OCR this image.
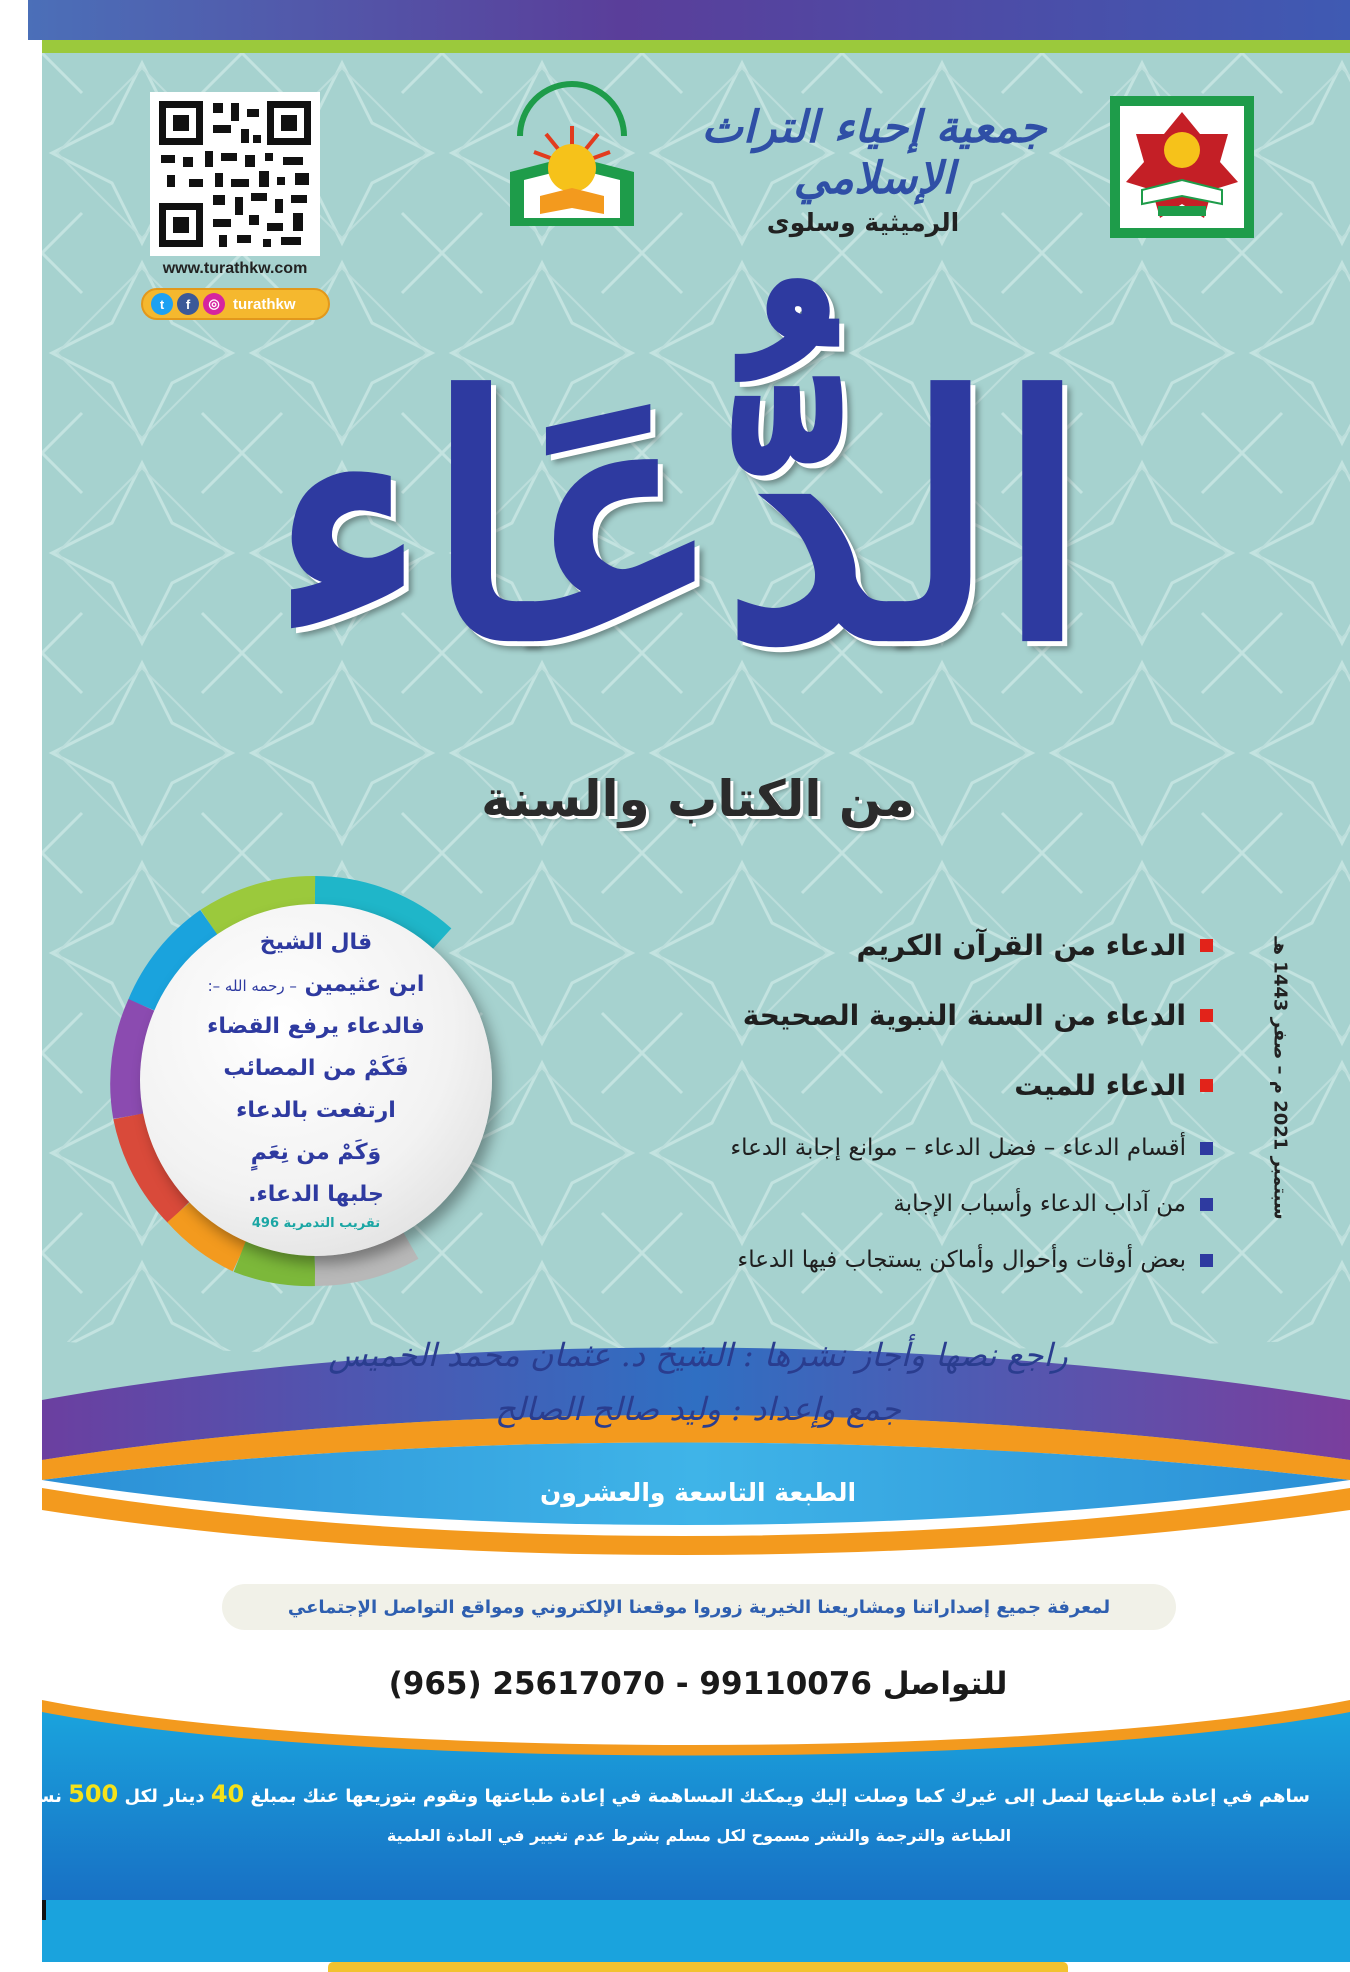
www.turathkw.com
t	f	◎ turathkw
جمعية إحياء التراث الإسلامي
الرميثية وسلوى
الدُّعَاء
من الكتاب والسنة
قال الشيخ
ابن عثيمين – رحمه الله –:
فالدعاء يرفع القضاء
فَكَمْ من المصائب
ارتفعت بالدعاء
وَكَمْ من نِعَمٍ
جلبها الدعاء.
تقريب التدمرية 496
الدعاء من القرآن الكريم
الدعاء من السنة النبوية الصحيحة
الدعاء للميت
أقسام الدعاء – فضل الدعاء – موانع إجابة الدعاء
من آداب الدعاء وأسباب الإجابة
بعض أوقات وأحوال وأماكن يستجاب فيها الدعاء
سبتمبر 2021 م – صفر 1443 هـ
راجع نصها وأجاز نشرها : الشيخ د. عثمان محمد الخميس
جمع وإعداد : وليد صالح الصالح
الطبعة التاسعة والعشرون
لمعرفة جميع إصداراتنا ومشاريعنا الخيرية زوروا موقعنا الإلكتروني ومواقع التواصل الإجتماعي
للتواصل (965) 25617070 - 99110076
ساهم في إعادة طباعتها لتصل إلى غيرك كما وصلت إليك ويمكنك المساهمة في إعادة طباعتها ونقوم بتوزيعها عنك بمبلغ 40 دينار لكل 500 نسخة .
الطباعة والترجمة والنشر مسموح لكل مسلم بشرط عدم تغيير في المادة العلمية
